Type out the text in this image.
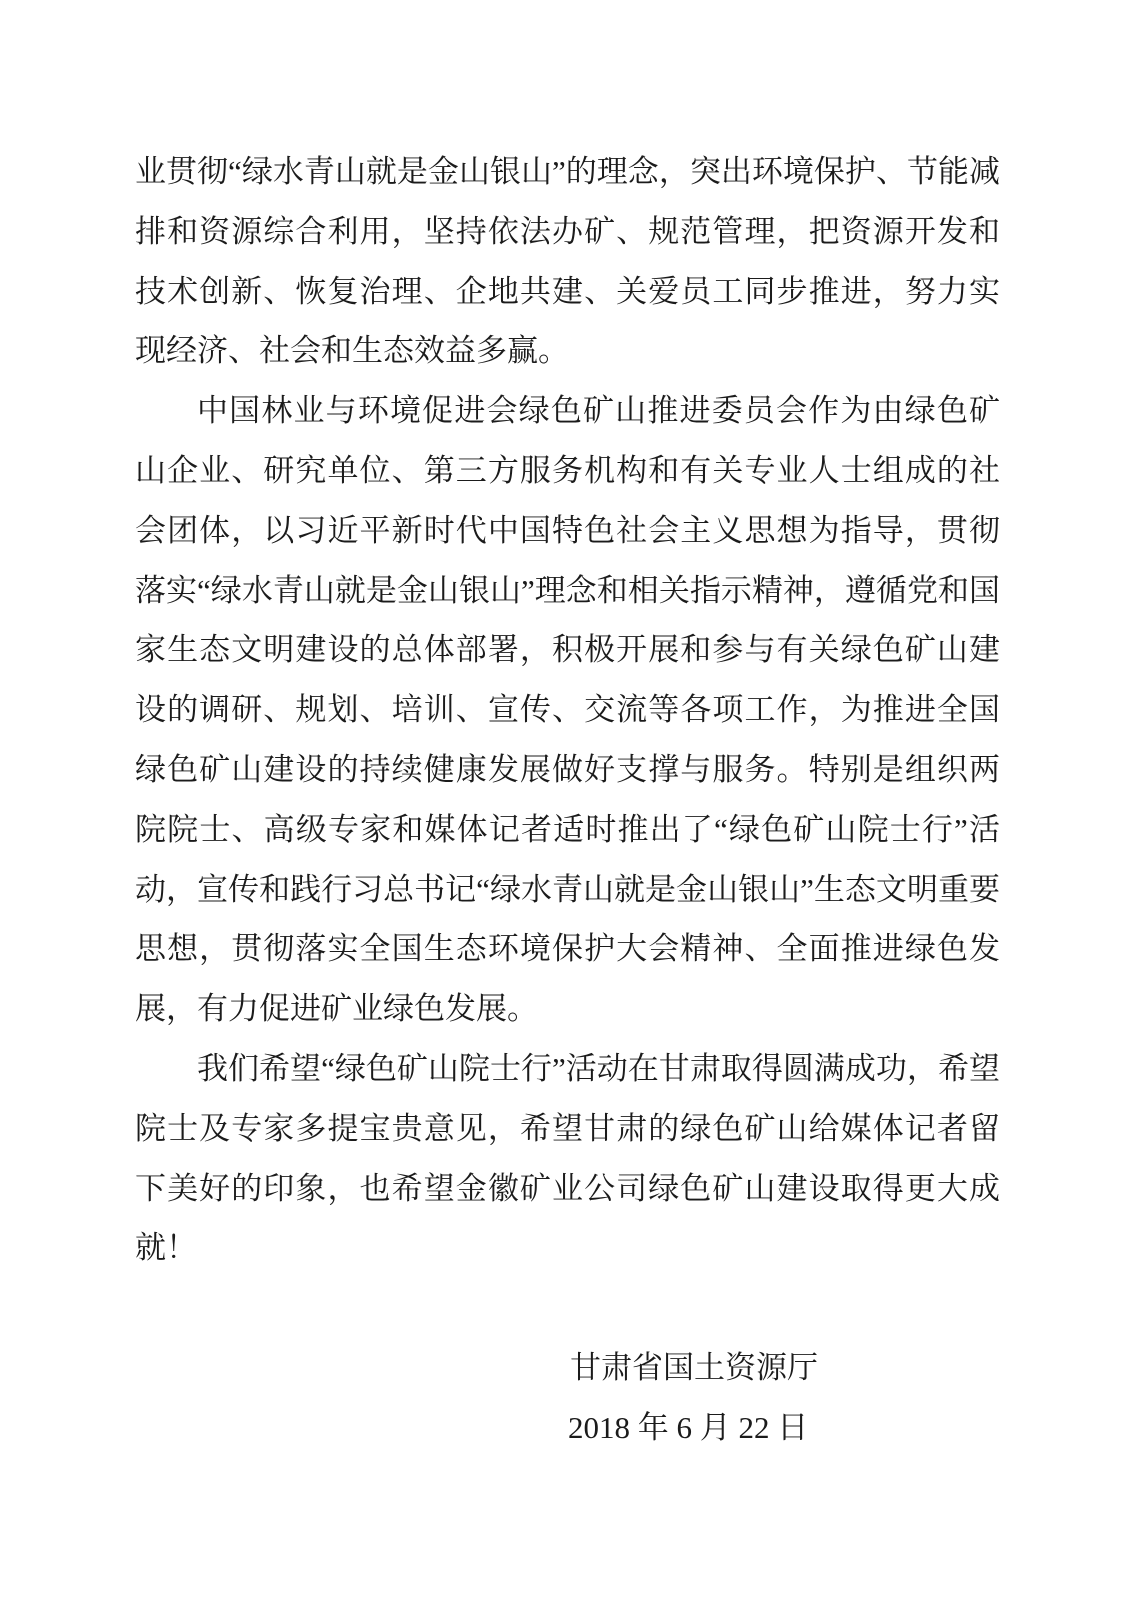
业贯彻“绿水青山就是金山银山”的理念，突出环境保护、节能减排和资源综合利用，坚持依法办矿、规范管理，把资源开发和技术创新、恢复治理、企地共建、关爱员工同步推进，努力实现经济、社会和生态效益多赢。

中国林业与环境促进会绿色矿山推进委员会作为由绿色矿山企业、研究单位、第三方服务机构和有关专业人士组成的社会团体，以习近平新时代中国特色社会主义思想为指导，贯彻落实“绿水青山就是金山银山”理念和相关指示精神，遵循党和国家生态文明建设的总体部署，积极开展和参与有关绿色矿山建设的调研、规划、培训、宣传、交流等各项工作，为推进全国绿色矿山建设的持续健康发展做好支撑与服务。特别是组织两院院士、高级专家和媒体记者适时推出了“绿色矿山院士行”活动，宣传和践行习总书记“绿水青山就是金山银山”生态文明重要思想，贯彻落实全国生态环境保护大会精神、全面推进绿色发展，有力促进矿业绿色发展。

我们希望“绿色矿山院士行”活动在甘肃取得圆满成功，希望院士及专家多提宝贵意见，希望甘肃的绿色矿山给媒体记者留下美好的印象，也希望金徽矿业公司绿色矿山建设取得更大成就！

甘肃省国土资源厅
2018 年 6 月 22 日
